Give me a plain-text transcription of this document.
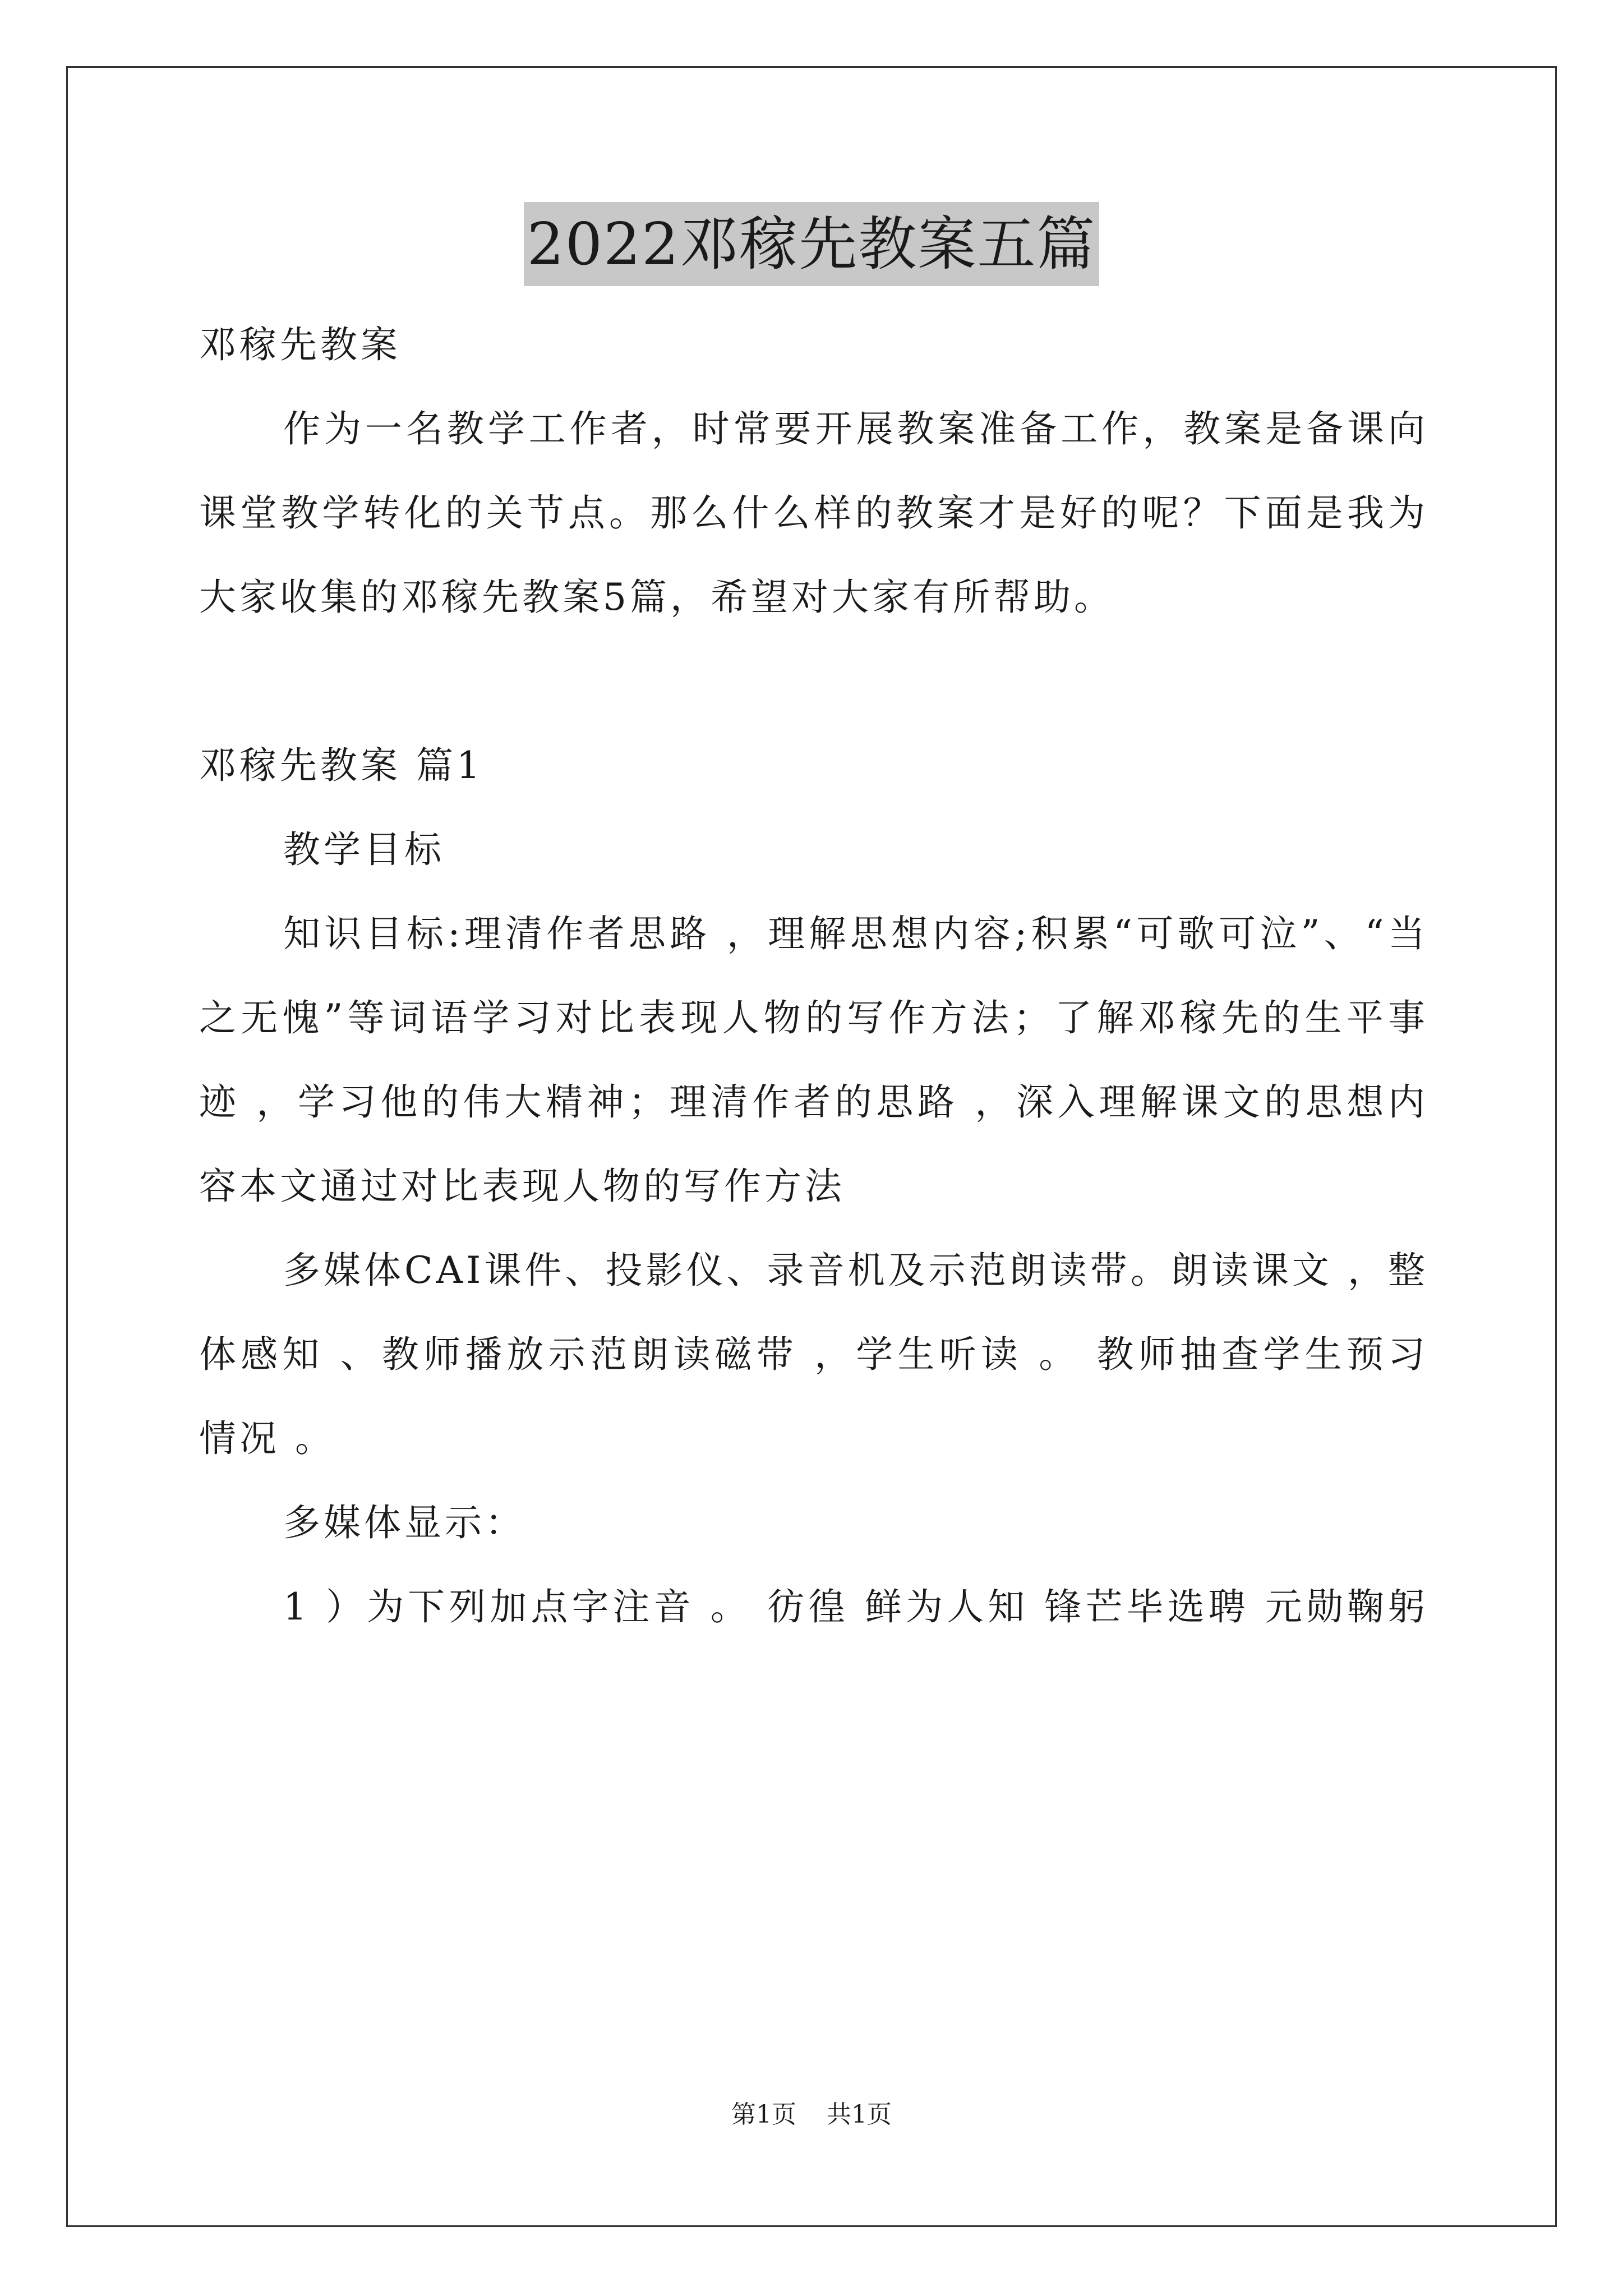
2022邓稼先教案五篇
邓稼先教案
作为一名教学工作者，时常要开展教案准备工作，教案是备课向
课堂教学转化的关节点。那么什么样的教案才是好的呢？下面是我为
大家收集的邓稼先教案5篇，希望对大家有所帮助。
邓稼先教案 篇1
教学目标
知识目标:理清作者思路 ，理解思想内容;积累“可歌可泣”、“当
之无愧”等词语学习对比表现人物的写作方法；了解邓稼先的生平事
迹 ，学习他的伟大精神；理清作者的思路 ，深入理解课文的思想内
容本文通过对比表现人物的写作方法
多媒体CAI课件、投影仪、录音机及示范朗读带。朗读课文 ，整
体感知 、教师播放示范朗读磁带 ，学生听读 。 教师抽查学生预习
情况 。
多媒体显示：
1 ）为下列加点字注音 。 彷徨 鲜为人知 锋芒毕选聘 元勋鞠躬
第1页 共1页
